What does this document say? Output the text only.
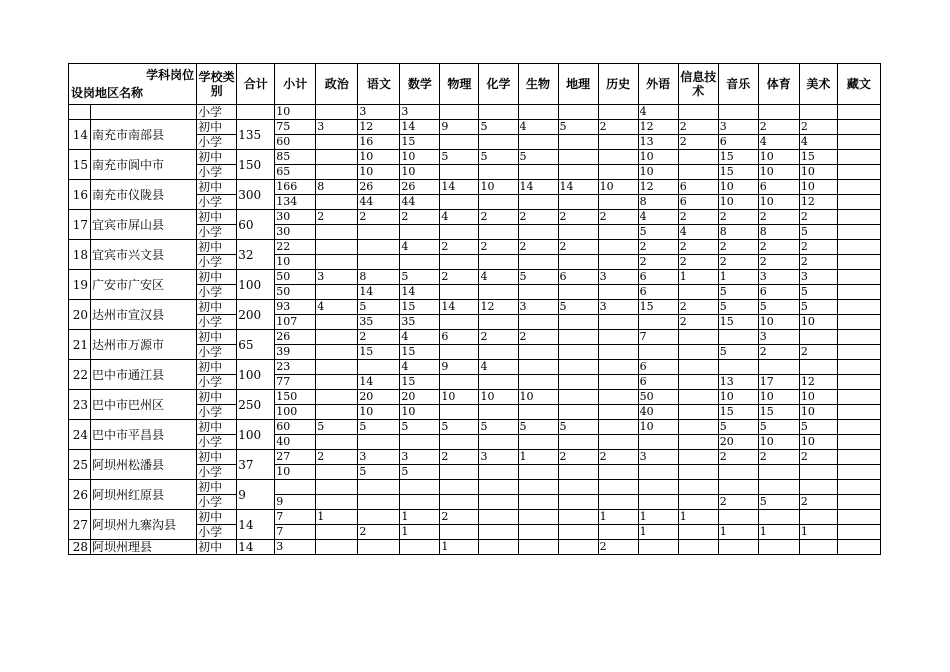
学科岗位
设岗地区名称		学校类别	合计	小计	政治	语文	数学	物理	化学	生物	地理	历史	外语	信息技术	音乐	体育	美术	藏文
		小学		10		3	3						4					
14	南充市南部县	初中	135	75	3	12	14	9	5	4	5	2	12	2	3	2	2	
		小学		60		16	15						13	2	6	4	4	
15	南充市阆中市	初中	150	85		10	10	5	5	5			10		15	10	15	
		小学		65		10	10						10		15	10	10	
16	南充市仪陇县	初中	300	166	8	26	26	14	10	14	14	10	12	6	10	6	10	
		小学		134		44	44						8	6	10	10	12	
17	宜宾市屏山县	初中	60	30	2	2	2	4	2	2	2	2	4	2	2	2	2	
		小学		30									5	4	8	8	5	
18	宜宾市兴文县	初中	32	22			4	2	2	2	2		2	2	2	2	2	
		小学		10									2	2	2	2	2	
19	广安市广安区	初中	100	50	3	8	5	2	4	5	6	3	6	1	1	3	3	
		小学		50		14	14						6		5	6	5	
20	达州市宣汉县	初中	200	93	4	5	15	14	12	3	5	3	15	2	5	5	5	
		小学		107		35	35							2	15	10	10	
21	达州市万源市	初中	65	26		2	4	6	2	2			7			3		
		小学		39		15	15								5	2	2	
22	巴中市通江县	初中	100	23			4	9	4				6					
		小学		77		14	15						6		13	17	12	
23	巴中市巴州区	初中	250	150		20	20	10	10	10			50		10	10	10	
		小学		100		10	10						40		15	15	10	
24	巴中市平昌县	初中	100	60	5	5	5	5	5	5	5		10		5	5	5	
		小学		40											20	10	10	
25	阿坝州松潘县	初中	37	27	2	3	3	2	3	1	2	2	3		2	2	2	
		小学		10		5	5											
26	阿坝州红原县	初中	9															
		小学		9											2	5	2	
27	阿坝州九寨沟县	初中	14	7	1		1	2				1	1	1				
		小学		7		2	1						1		1	1	1	
28	阿坝州理县	初中	14	3				1				2						
